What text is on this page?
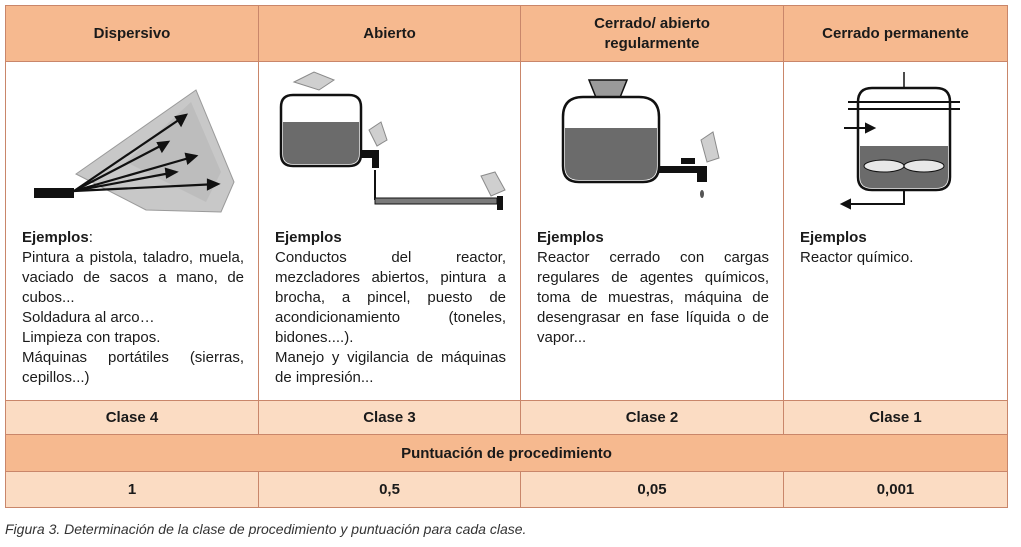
Dispersivo	Abierto	Cerrado/ abierto regularmente	Cerrado permanente

Ejemplos:
Pintura a pistola, taladro, muela, vaciado de sacos a mano, de cubos...
Soldadura al arco…
Limpieza con trapos.
Máquinas portátiles (sierras, cepillos...)	Ejemplos
Conductos del reactor, mezcladores abiertos, pintura a brocha, a pincel, puesto de acondicionamiento (toneles, bidones....).
Manejo y vigilancia de máquinas de impresión...	Ejemplos
Reactor cerrado con cargas regulares de agentes químicos, toma de muestras, máquina de desengrasar en fase líquida o de vapor...	Ejemplos
Reactor químico.

Clase 4	Clase 3	Clase 2	Clase 1
Puntuación de procedimiento			
1	0,5	0,05	0,001
Figura 3. Determinación de la clase de procedimiento y puntuación para cada clase.
